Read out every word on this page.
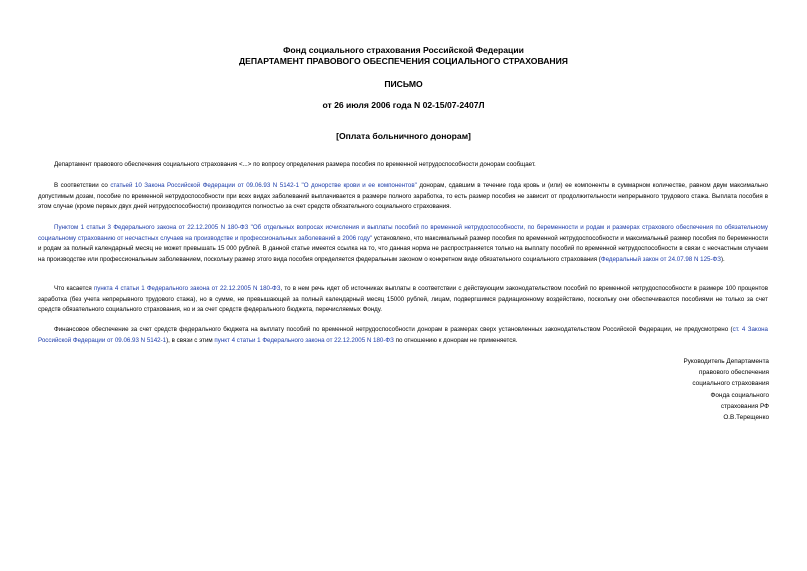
Фонд социального страхования Российской Федерации
ДЕПАРТАМЕНТ ПРАВОВОГО ОБЕСПЕЧЕНИЯ СОЦИАЛЬНОГО СТРАХОВАНИЯ
ПИСЬМО
от 26 июля 2006 года N 02-15/07-2407Л
[Оплата больничного донорам]

Департамент правового обеспечения социального страхования <...> по вопросу определения размера пособия по временной нетрудоспособности донорам сообщает.

В соответствии со статьей 10 Закона Российской Федерации от 09.06.93 N 5142-1 "О донорстве крови и ее компонентов" донорам, сдавшим в течение года кровь и (или) ее компоненты в суммарном количестве, равном двум максимально допустимым дозам, пособие по временной нетрудоспособности при всех видах заболеваний выплачивается в размере полного заработка, то есть размер пособия не зависит от продолжительности непрерывного трудового стажа. Выплата пособия в этом случае (кроме первых двух дней нетрудоспособности) производится полностью за счет средств обязательного социального страхования.

Пунктом 1 статьи 3 Федерального закона от 22.12.2005 N 180-ФЗ "Об отдельных вопросах исчисления и выплаты пособий по временной нетрудоспособности, по беременности и родам и размерах страхового обеспечения по обязательному социальному страхованию от несчастных случаев на производстве и профессиональных заболеваний в 2006 году" установлено, что максимальный размер пособия по временной нетрудоспособности и максимальный размер пособия по беременности и родам за полный календарный месяц не может превышать 15 000 рублей. В данной статье имеется ссылка на то, что данная норма не распространяется только на выплату пособий по временной нетрудоспособности в связи с несчастным случаем на производстве или профессиональным заболеванием, поскольку размер этого вида пособия определяется федеральным законом о конкретном виде обязательного социального страхования (Федеральный закон от 24.07.98 N 125-ФЗ).

Что касается пункта 4 статьи 1 Федерального закона от 22.12.2005 N 180-ФЗ, то в нем речь идет об источниках выплаты в соответствии с действующим законодательством пособий по временной нетрудоспособности в размере 100 процентов заработка (без учета непрерывного трудового стажа), но в сумме, не превышающей за полный календарный месяц 15000 рублей, лицам, подвергшимся радиационному воздействию, поскольку они обеспечиваются пособиями не только за счет средств обязательного социального страхования, но и за счет средств федерального бюджета, перечисляемых Фонду.

Финансовое обеспечение за счет средств федерального бюджета на выплату пособий по временной нетрудоспособности донорам в размерах сверх установленных законодательством Российской Федерации, не предусмотрено (ст. 4 Закона Российской Федерации от 09.06.93 N 5142-1), в связи с этим пункт 4 статьи 1 Федерального закона от 22.12.2005 N 180-ФЗ по отношению к донорам не применяется.

Руководитель Департамента
правового обеспечения
социального страхования
Фонда социального
страхования РФ
О.В.Терещенко
